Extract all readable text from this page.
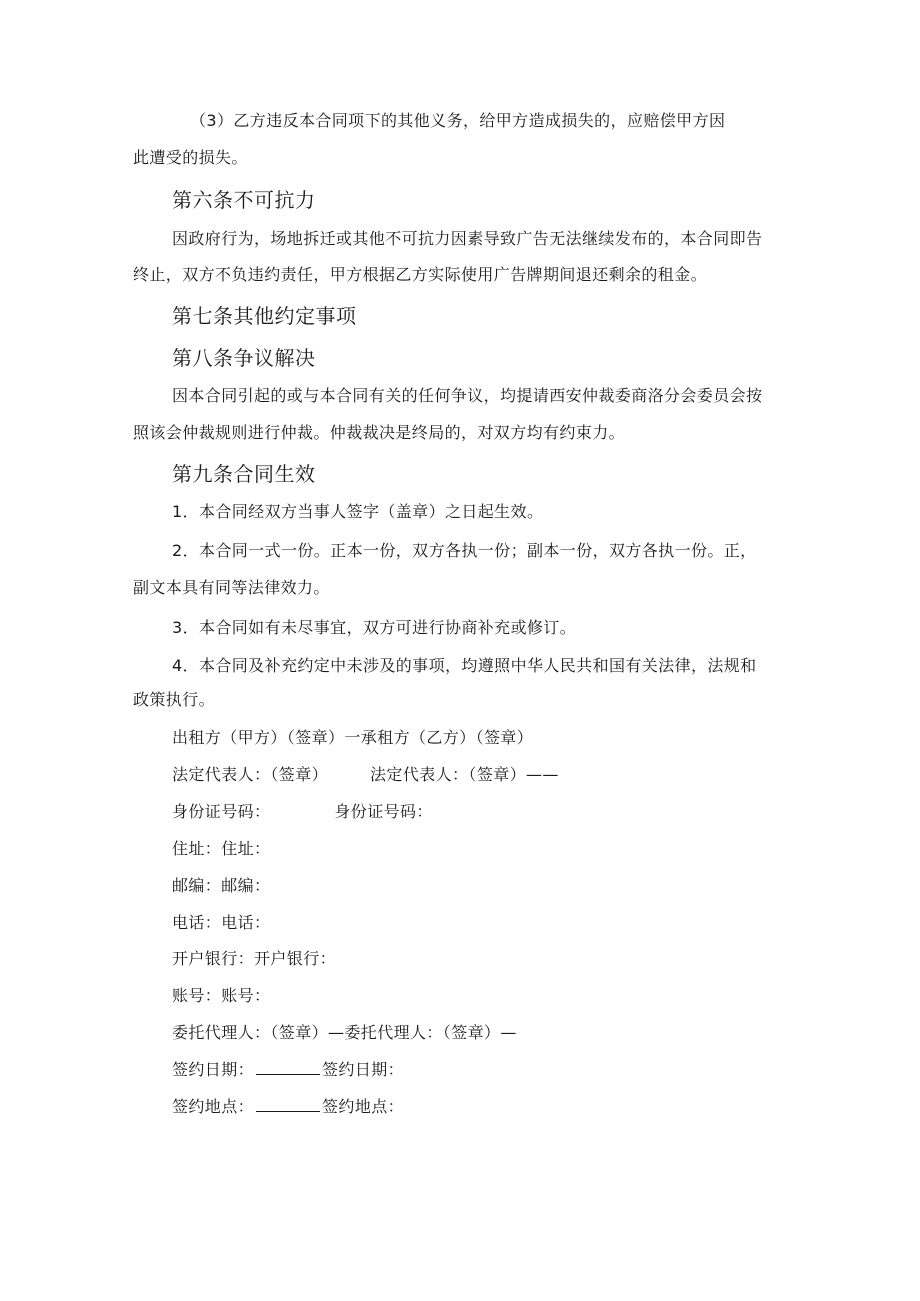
（3）乙方违反本合同项下的其他义务，给甲方造成损失的，应赔偿甲方因
此遭受的损失。
第六条不可抗力
因政府行为，场地拆迁或其他不可抗力因素导致广告无法继续发布的，本合同即告
终止，双方不负违约责任，甲方根据乙方实际使用广告牌期间退还剩余的租金。
第七条其他约定事项
第八条争议解决
因本合同引起的或与本合同有关的任何争议，均提请西安仲裁委商洛分会委员会按
照该会仲裁规则进行仲裁。仲裁裁决是终局的，对双方均有约束力。
第九条合同生效
1．本合同经双方当事人签字（盖章）之日起生效。
2．本合同一式一份。正本一份，双方各执一份；副本一份，双方各执一份。正，
副文本具有同等法律效力。
3．本合同如有未尽事宜，双方可进行协商补充或修订。
4．本合同及补充约定中未涉及的事项，均遵照中华人民共和国有关法律，法规和
政策执行。
出租方（甲方）（签章）一承租方（乙方）（签章）
法定代表人：（签章）	法定代表人：（签章）——
身份证号码：	身份证号码：
住址：住址：
邮编：邮编：
电话：电话：
开户银行：开户银行：
账号：账号：
委托代理人：（签章）—委托代理人：（签章）—
签约日期：	签约日期：
签约地点：	签约地点：
